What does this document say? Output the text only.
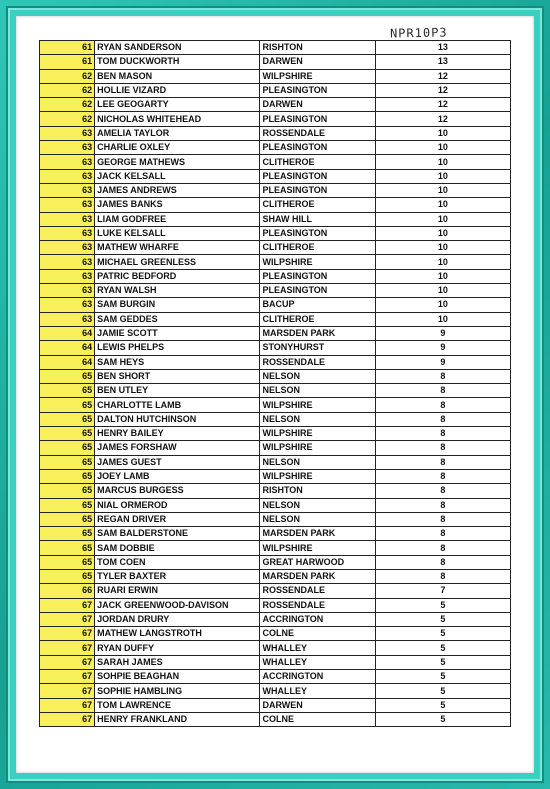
NPR10P3
61	RYAN SANDERSON	RISHTON	13
61	TOM DUCKWORTH	DARWEN	13
62	BEN MASON	WILPSHIRE	12
62	HOLLIE VIZARD	PLEASINGTON	12
62	LEE GEOGARTY	DARWEN	12
62	NICHOLAS WHITEHEAD	PLEASINGTON	12
63	AMELIA TAYLOR	ROSSENDALE	10
63	CHARLIE OXLEY	PLEASINGTON	10
63	GEORGE MATHEWS	CLITHEROE	10
63	JACK KELSALL	PLEASINGTON	10
63	JAMES ANDREWS	PLEASINGTON	10
63	JAMES BANKS	CLITHEROE	10
63	LIAM GODFREE	SHAW HILL	10
63	LUKE KELSALL	PLEASINGTON	10
63	MATHEW WHARFE	CLITHEROE	10
63	MICHAEL GREENLESS	WILPSHIRE	10
63	PATRIC BEDFORD	PLEASINGTON	10
63	RYAN WALSH	PLEASINGTON	10
63	SAM BURGIN	BACUP	10
63	SAM GEDDES	CLITHEROE	10
64	JAMIE SCOTT	MARSDEN PARK	9
64	LEWIS PHELPS	STONYHURST	9
64	SAM HEYS	ROSSENDALE	9
65	BEN SHORT	NELSON	8
65	BEN UTLEY	NELSON	8
65	CHARLOTTE LAMB	WILPSHIRE	8
65	DALTON HUTCHINSON	NELSON	8
65	HENRY BAILEY	WILPSHIRE	8
65	JAMES FORSHAW	WILPSHIRE	8
65	JAMES GUEST	NELSON	8
65	JOEY LAMB	WILPSHIRE	8
65	MARCUS BURGESS	RISHTON	8
65	NIAL ORMEROD	NELSON	8
65	REGAN DRIVER	NELSON	8
65	SAM BALDERSTONE	MARSDEN PARK	8
65	SAM DOBBIE	WILPSHIRE	8
65	TOM COEN	GREAT HARWOOD	8
65	TYLER BAXTER	MARSDEN PARK	8
66	RUARI ERWIN	ROSSENDALE	7
67	JACK GREENWOOD-DAVISON	ROSSENDALE	5
67	JORDAN DRURY	ACCRINGTON	5
67	MATHEW LANGSTROTH	COLNE	5
67	RYAN DUFFY	WHALLEY	5
67	SARAH JAMES	WHALLEY	5
67	SOHPIE BEAGHAN	ACCRINGTON	5
67	SOPHIE HAMBLING	WHALLEY	5
67	TOM LAWRENCE	DARWEN	5
67	HENRY FRANKLAND	COLNE	5
